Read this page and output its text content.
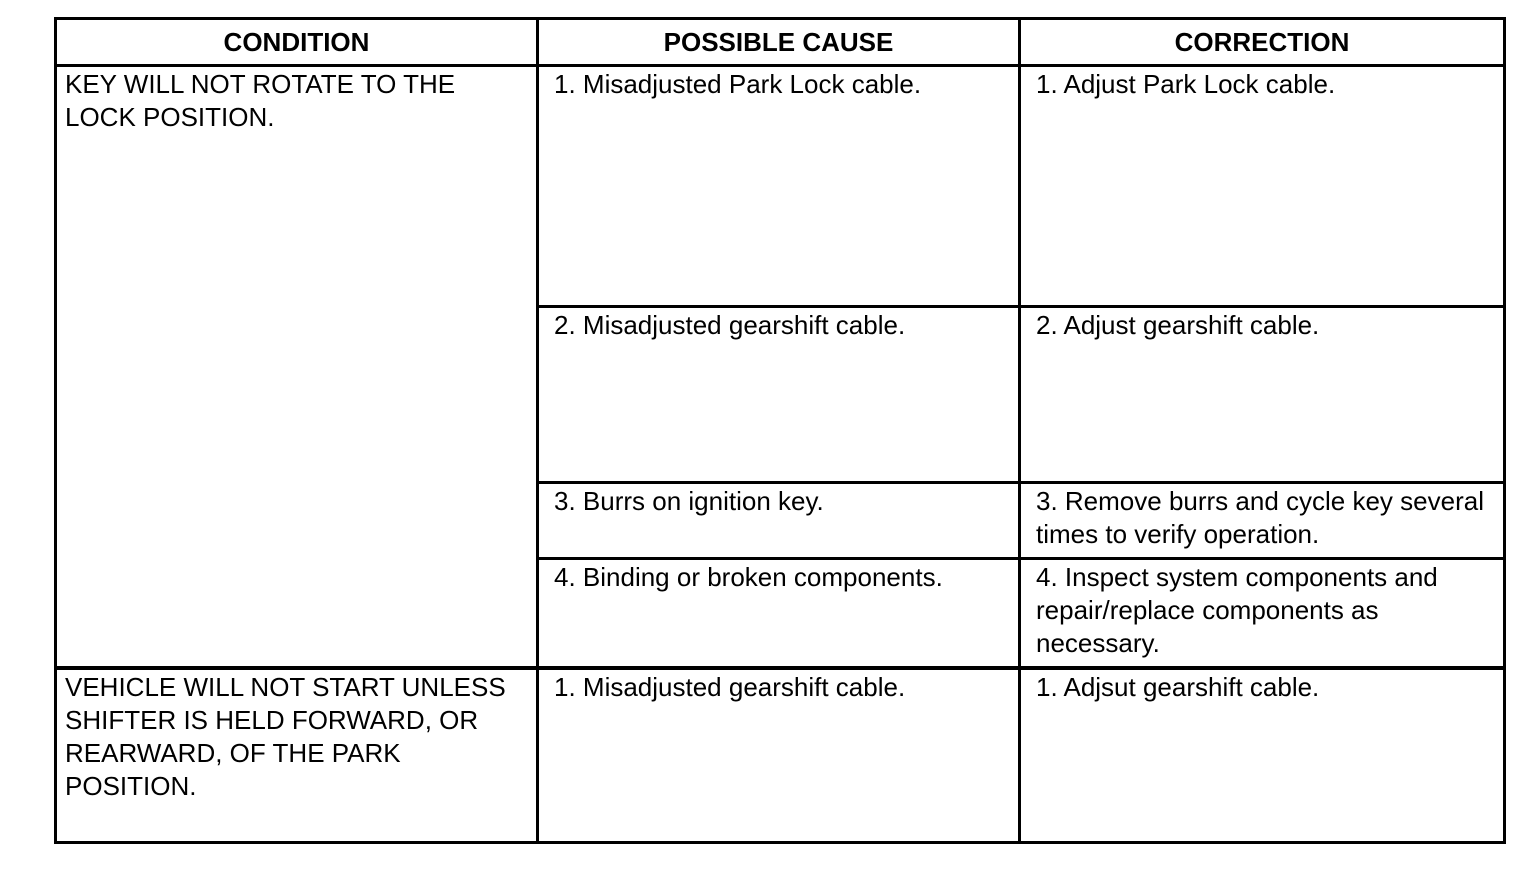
CONDITION	POSSIBLE CAUSE	CORRECTION

KEY WILL NOT ROTATE TO THE LOCK POSITION.	1. Misadjusted Park Lock cable.	1. Adjust Park Lock cable.

	2. Misadjusted gearshift cable.	2. Adjust gearshift cable.

	3. Burrs on ignition key.	3. Remove burrs and cycle key several times to verify operation.

	4. Binding or broken components.	4. Inspect system components and repair/replace components as necessary.

VEHICLE WILL NOT START UNLESS SHIFTER IS HELD FORWARD, OR REARWARD, OF THE PARK POSITION.	1. Misadjusted gearshift cable.	1. Adjsut gearshift cable.
